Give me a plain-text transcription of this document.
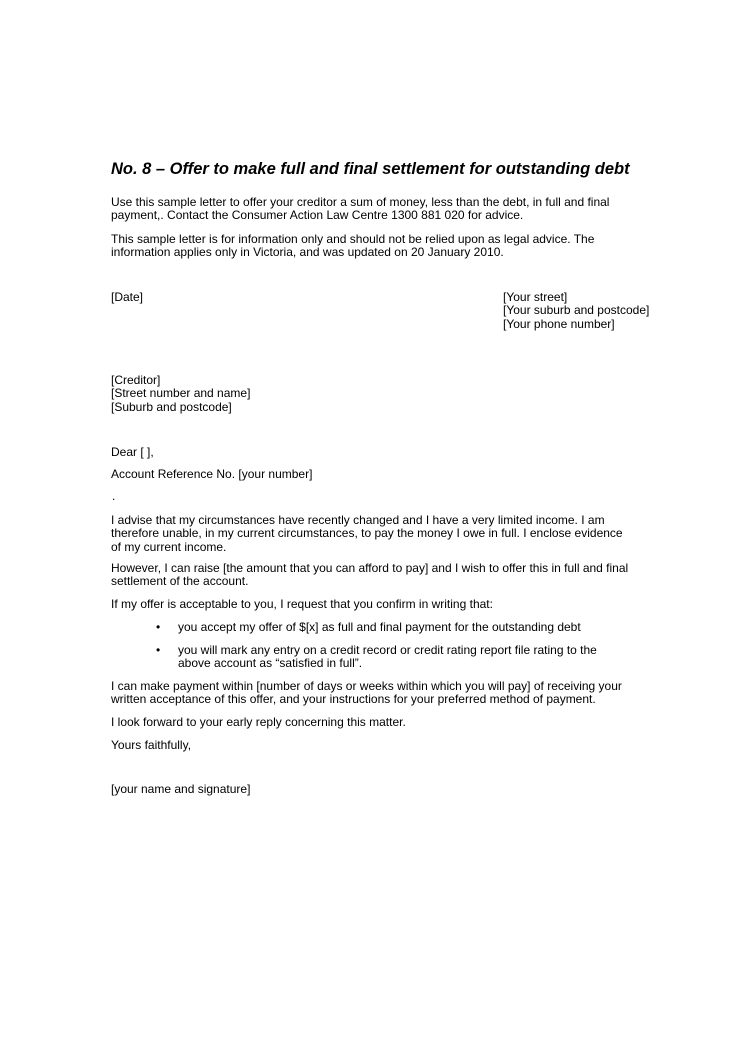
No. 8 – Offer to make full and final settlement for outstanding debt

Use this sample letter to offer your creditor a sum of money, less than the debt, in full and final payment,. Contact the Consumer Action Law Centre 1300 881 020 for advice.

This sample letter is for information only and should not be relied upon as legal advice. The information applies only in Victoria, and was updated on 20 January 2010.

[Date]	[Your street]
[Your suburb and postcode]
[Your phone number]
[Creditor]
[Street number and name]
[Suburb and postcode]
Dear [ ],
Account Reference No. [your number]
.

I advise that my circumstances have recently changed and I have a very limited income. I am therefore unable, in my current circumstances, to pay the money I owe in full. I enclose evidence of my current income.

However, I can raise [the amount that you can afford to pay] and I wish to offer this in full and final settlement of the account.

If my offer is acceptable to you, I request that you confirm in writing that:

• you accept my offer of $[x] as full and final payment for the outstanding debt
• you will mark any entry on a credit record or credit rating report file rating to the above account as “satisfied in full”.

I can make payment within [number of days or weeks within which you will pay] of receiving your written acceptance of this offer, and your instructions for your preferred method of payment.

I look forward to your early reply concerning this matter.

Yours faithfully,
[your name and signature]
